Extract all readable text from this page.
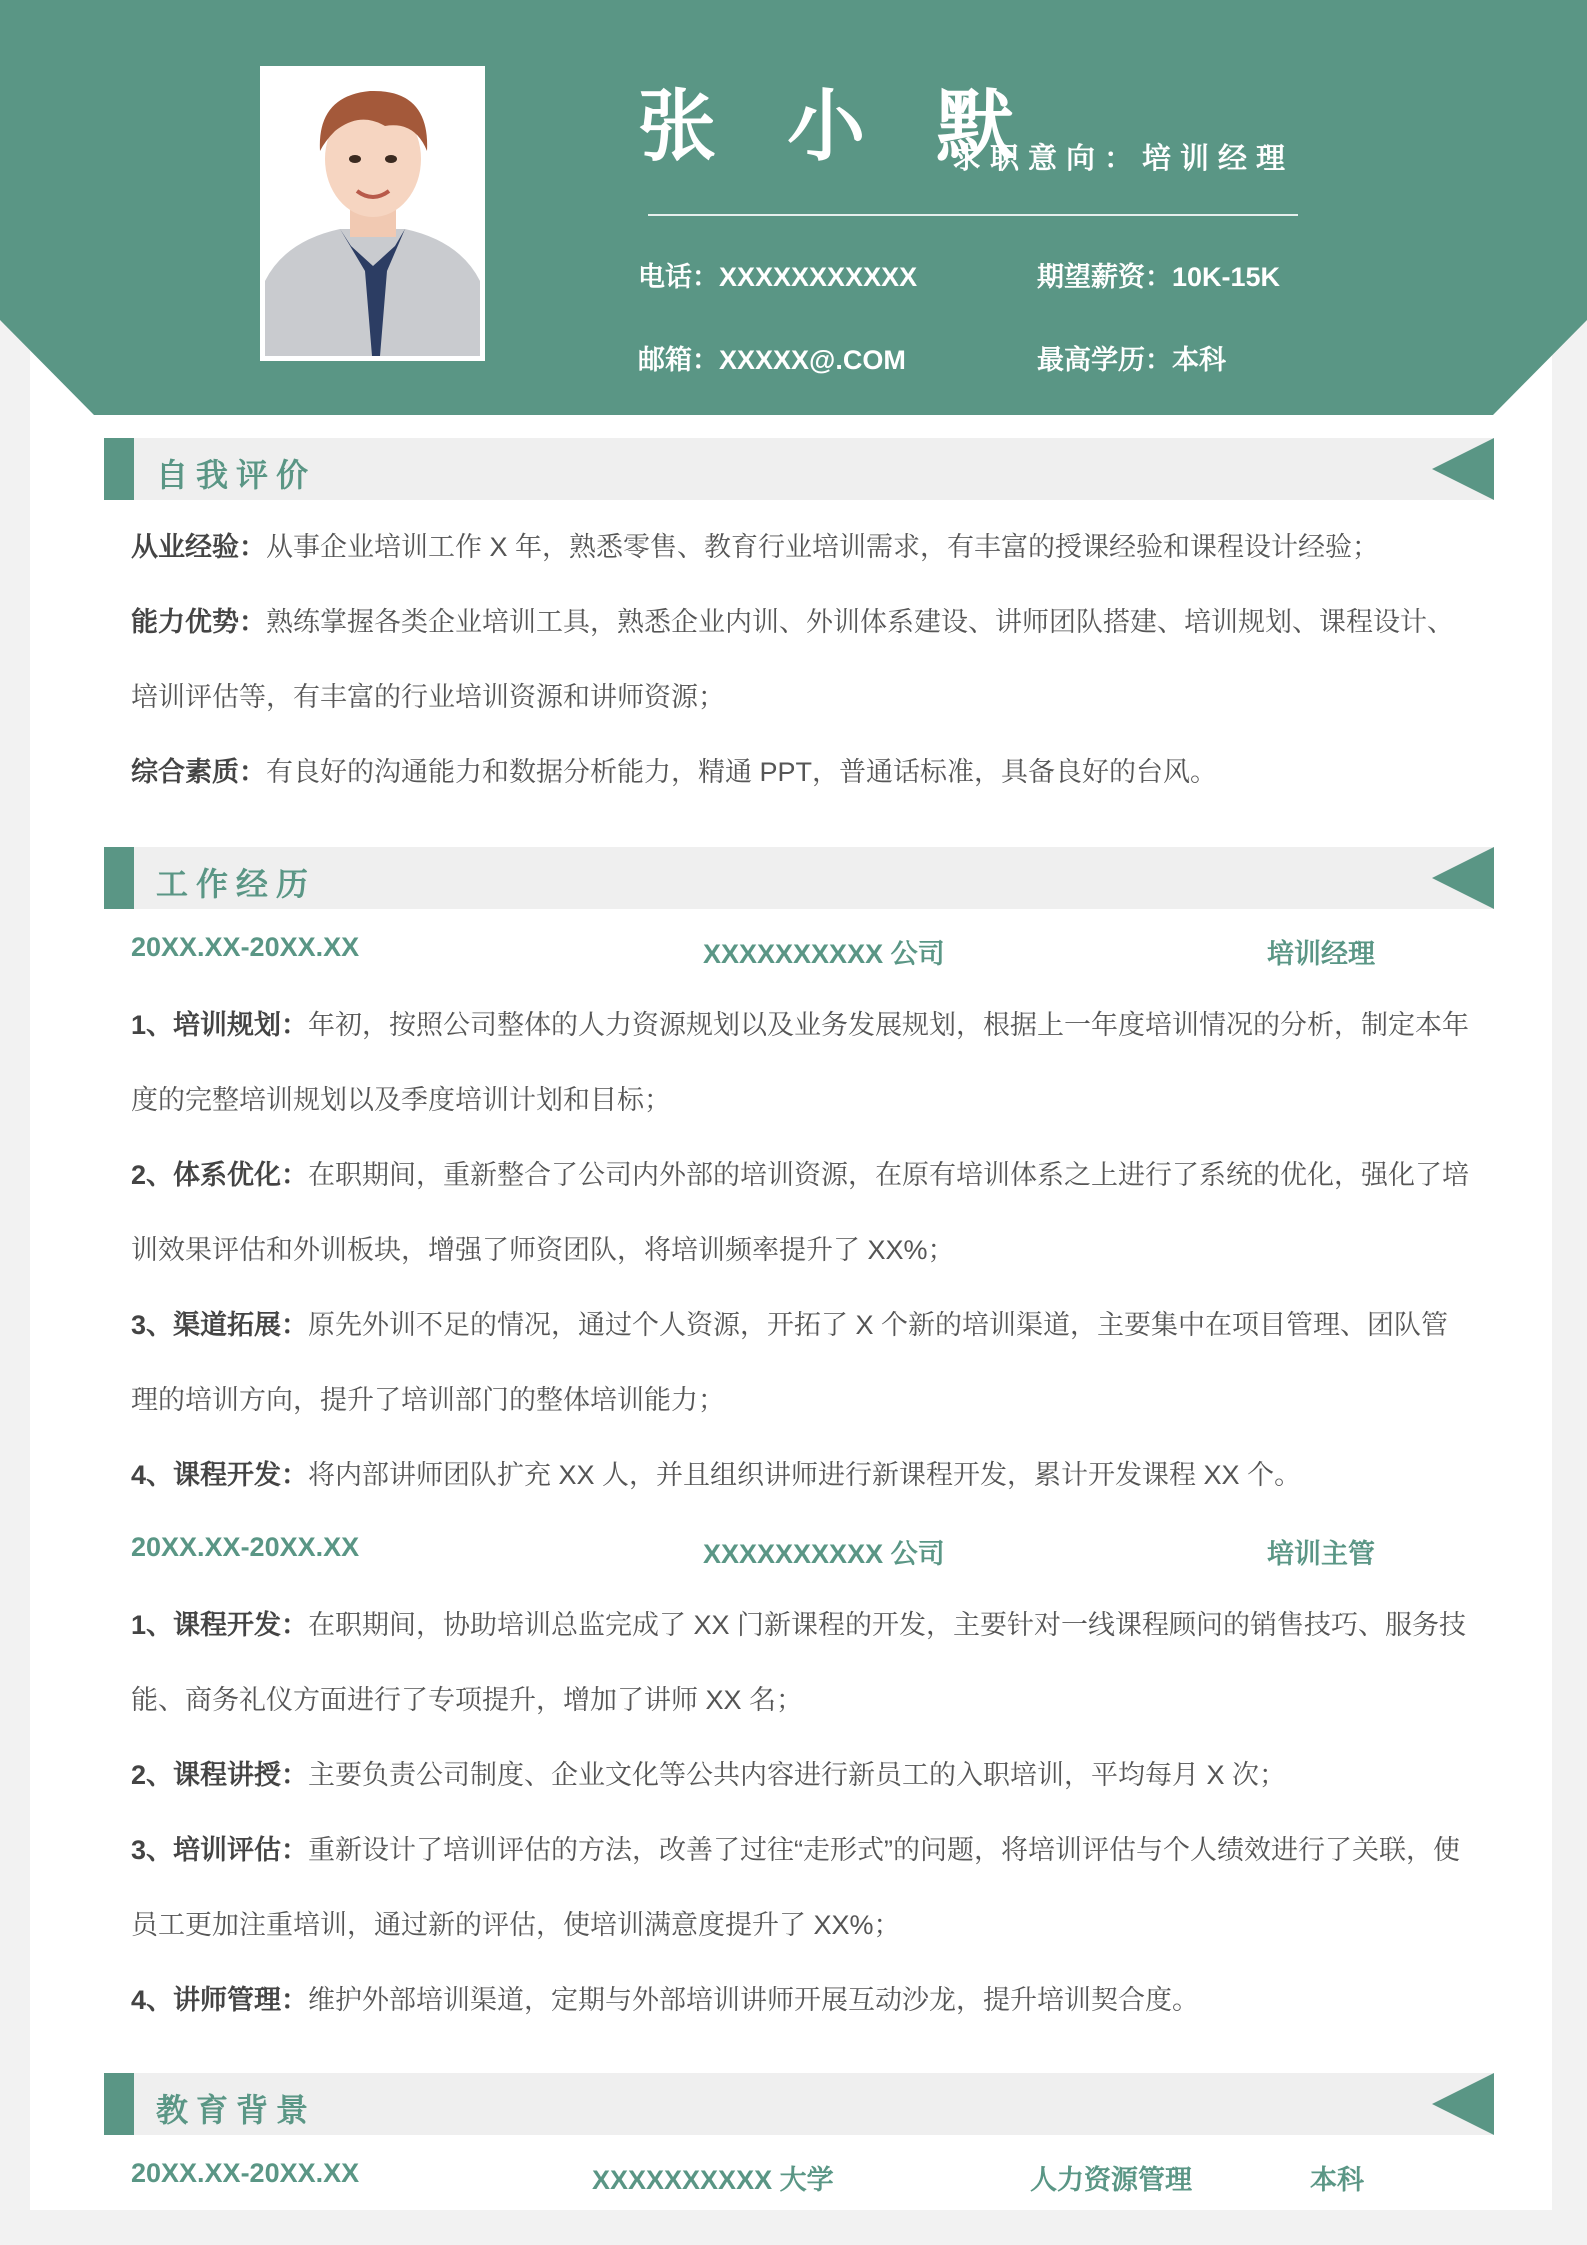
张 小 默
求职意向：培训经理
电话：XXXXXXXXXXX	期望薪资：10K-15K
邮箱：XXXXX@.COM	最高学历：本科
自我评价
从业经验：从事企业培训工作 X 年，熟悉零售、教育行业培训需求，有丰富的授课经验和课程设计经验；
能力优势：熟练掌握各类企业培训工具，熟悉企业内训、外训体系建设、讲师团队搭建、培训规划、课程设计、培训评估等，有丰富的行业培训资源和讲师资源；
综合素质：有良好的沟通能力和数据分析能力，精通 PPT，普通话标准，具备良好的台风。
工作经历
20XX.XX-20XX.XX	XXXXXXXXXX 公司	培训经理
1、培训规划：年初，按照公司整体的人力资源规划以及业务发展规划，根据上一年度培训情况的分析，制定本年度的完整培训规划以及季度培训计划和目标；
2、体系优化：在职期间，重新整合了公司内外部的培训资源，在原有培训体系之上进行了系统的优化，强化了培训效果评估和外训板块，增强了师资团队，将培训频率提升了 XX%；
3、渠道拓展：原先外训不足的情况，通过个人资源，开拓了 X 个新的培训渠道，主要集中在项目管理、团队管理的培训方向，提升了培训部门的整体培训能力；
4、课程开发：将内部讲师团队扩充 XX 人，并且组织讲师进行新课程开发，累计开发课程 XX 个。
20XX.XX-20XX.XX	XXXXXXXXXX 公司	培训主管
1、课程开发：在职期间，协助培训总监完成了 XX 门新课程的开发，主要针对一线课程顾问的销售技巧、服务技能、商务礼仪方面进行了专项提升，增加了讲师 XX 名；
2、课程讲授：主要负责公司制度、企业文化等公共内容进行新员工的入职培训，平均每月 X 次；
3、培训评估：重新设计了培训评估的方法，改善了过往“走形式”的问题，将培训评估与个人绩效进行了关联，使员工更加注重培训，通过新的评估，使培训满意度提升了 XX%；
4、讲师管理：维护外部培训渠道，定期与外部培训讲师开展互动沙龙，提升培训契合度。
教育背景
20XX.XX-20XX.XX	XXXXXXXXXX 大学	人力资源管理	本科
